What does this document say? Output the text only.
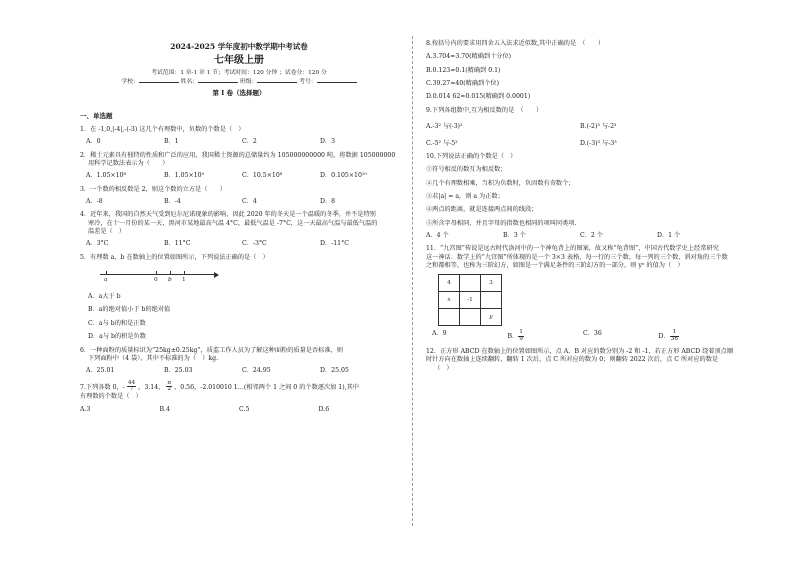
2024-2025 学年度初中数学期中考试卷
七年级上册
考试范围：1 章-1 章 1 节；考试时间：120 分钟 ；试卷分：120 分
学校：	姓名：	班级：	考号：
第 I 卷（选择题）
一、单选题
1．在 -1,0,|-4|,-(-3) 这几个有理数中，负数的个数是（　）
A．0	B．1	C．2	D．3
2．稀土元素具有独特的性质和广泛的应用，我国稀土资源的总储量约为 105000000000 吨，将数据 105000000
用科学记数法表示为（　　）
A．1.05×10⁸	B．1.05×10⁹	C．10.5×10⁸	D．0.105×10¹⁰
3．一个数的相反数是 2，则这个数的立方是（　　）
A．-8	B．-4	C．4	D．8
4．近年来，我国的自然天气受到厄尔尼诺现象的影响，因此 2020 年的冬天是一个温暖的冬季，并不是特别
寒冷，在十一月份的某一天，黑河市某地最高气温 4°C，最低气温是 -7°C，这一天最高气温与最低气温的
温差是（　）
A．3°C	B．11°C	C．-3°C	D．-11°C
5．有理数 a，b 在数轴上的位置如图所示，下列说法正确的是（　）
a	0 b 1
A．a大于 b
B．a的绝对值小于 b的绝对值
C．a与 b的和是正数
D．a与 b的积是负数
6．一种面粉的质量标识为“25kg±0.25kg”，质监工作人员为了解这种面粉的质量是否标准，则
下列面粉中（4 袋），其中不标准的为（　）kg.
A．25.01	B．25.03	C．24.95	D．25.05
7.下列各数 0，- $\frac{44}{7}$ ，3.14， $\frac{\pi}{2}$ ，0.56，-2.010010 1…(相邻两个 1 之间 0 的个数逐次加 1),其中
有理数的个数是（　）
A.3	B.4	C.5	D.6
8.按括号内的要求用四舍五入法求近似数,其中正确的是　（　　）
A.3.704≈3.70(精确到十分位)
B.0.123≈0.1(精确到 0.1)
C.39.27≈40(精确到个位)
D.0.014 62≈0.015(精确到 0.0001)
9.下列各组数中,互为相反数的是　（　　）
A.-3² 与(-3)²	B.(-2)³ 与-2³
C.-5² 与-5²	D.(-3)³ 与-3³
10.下列说法正确的个数是（　）
①符号相反的数互为相反数；
②几个有理数相乘，当积为负数时，负因数有奇数个；
③若|a| = a，则 a 为正数；
④两点的距离，就是连接两点间的线段；
⑤所含字母相同，并且字母的指数也相同的项叫同类项.
A．4 个	B．3 个	C．2 个	D．1 个
11．“九宫图”传说是远古时代洛河中的一个神龟背上的图案，故又称“龟背图”，中国古代数学史上经常研究
这一神话．数学上的“九宫图”所体现的是一个 3×3 表格，每一行的三个数、每一列的三个数、斜对角的三个数
之和都相等，也称为三阶幻方，如图是一个满足条件的三阶幻方的一部分，则 yˣ 的值为（　）
4		3
x	-1	
		y
A．9	B． $\frac{1}{9}$	C．36	D． $\frac{1}{36}$
12．正方形 ABCD 在数轴上的位置如图所示，点 A、B 对应的数分别为 -2 和 -1，若正方形 ABCD 绕着顶点顺
时针方向在数轴上连续翻转，翻转 1 次后，点 C 所对应的数为 0；则翻转 2022 次后，点 C 所对应的数是
（　）
